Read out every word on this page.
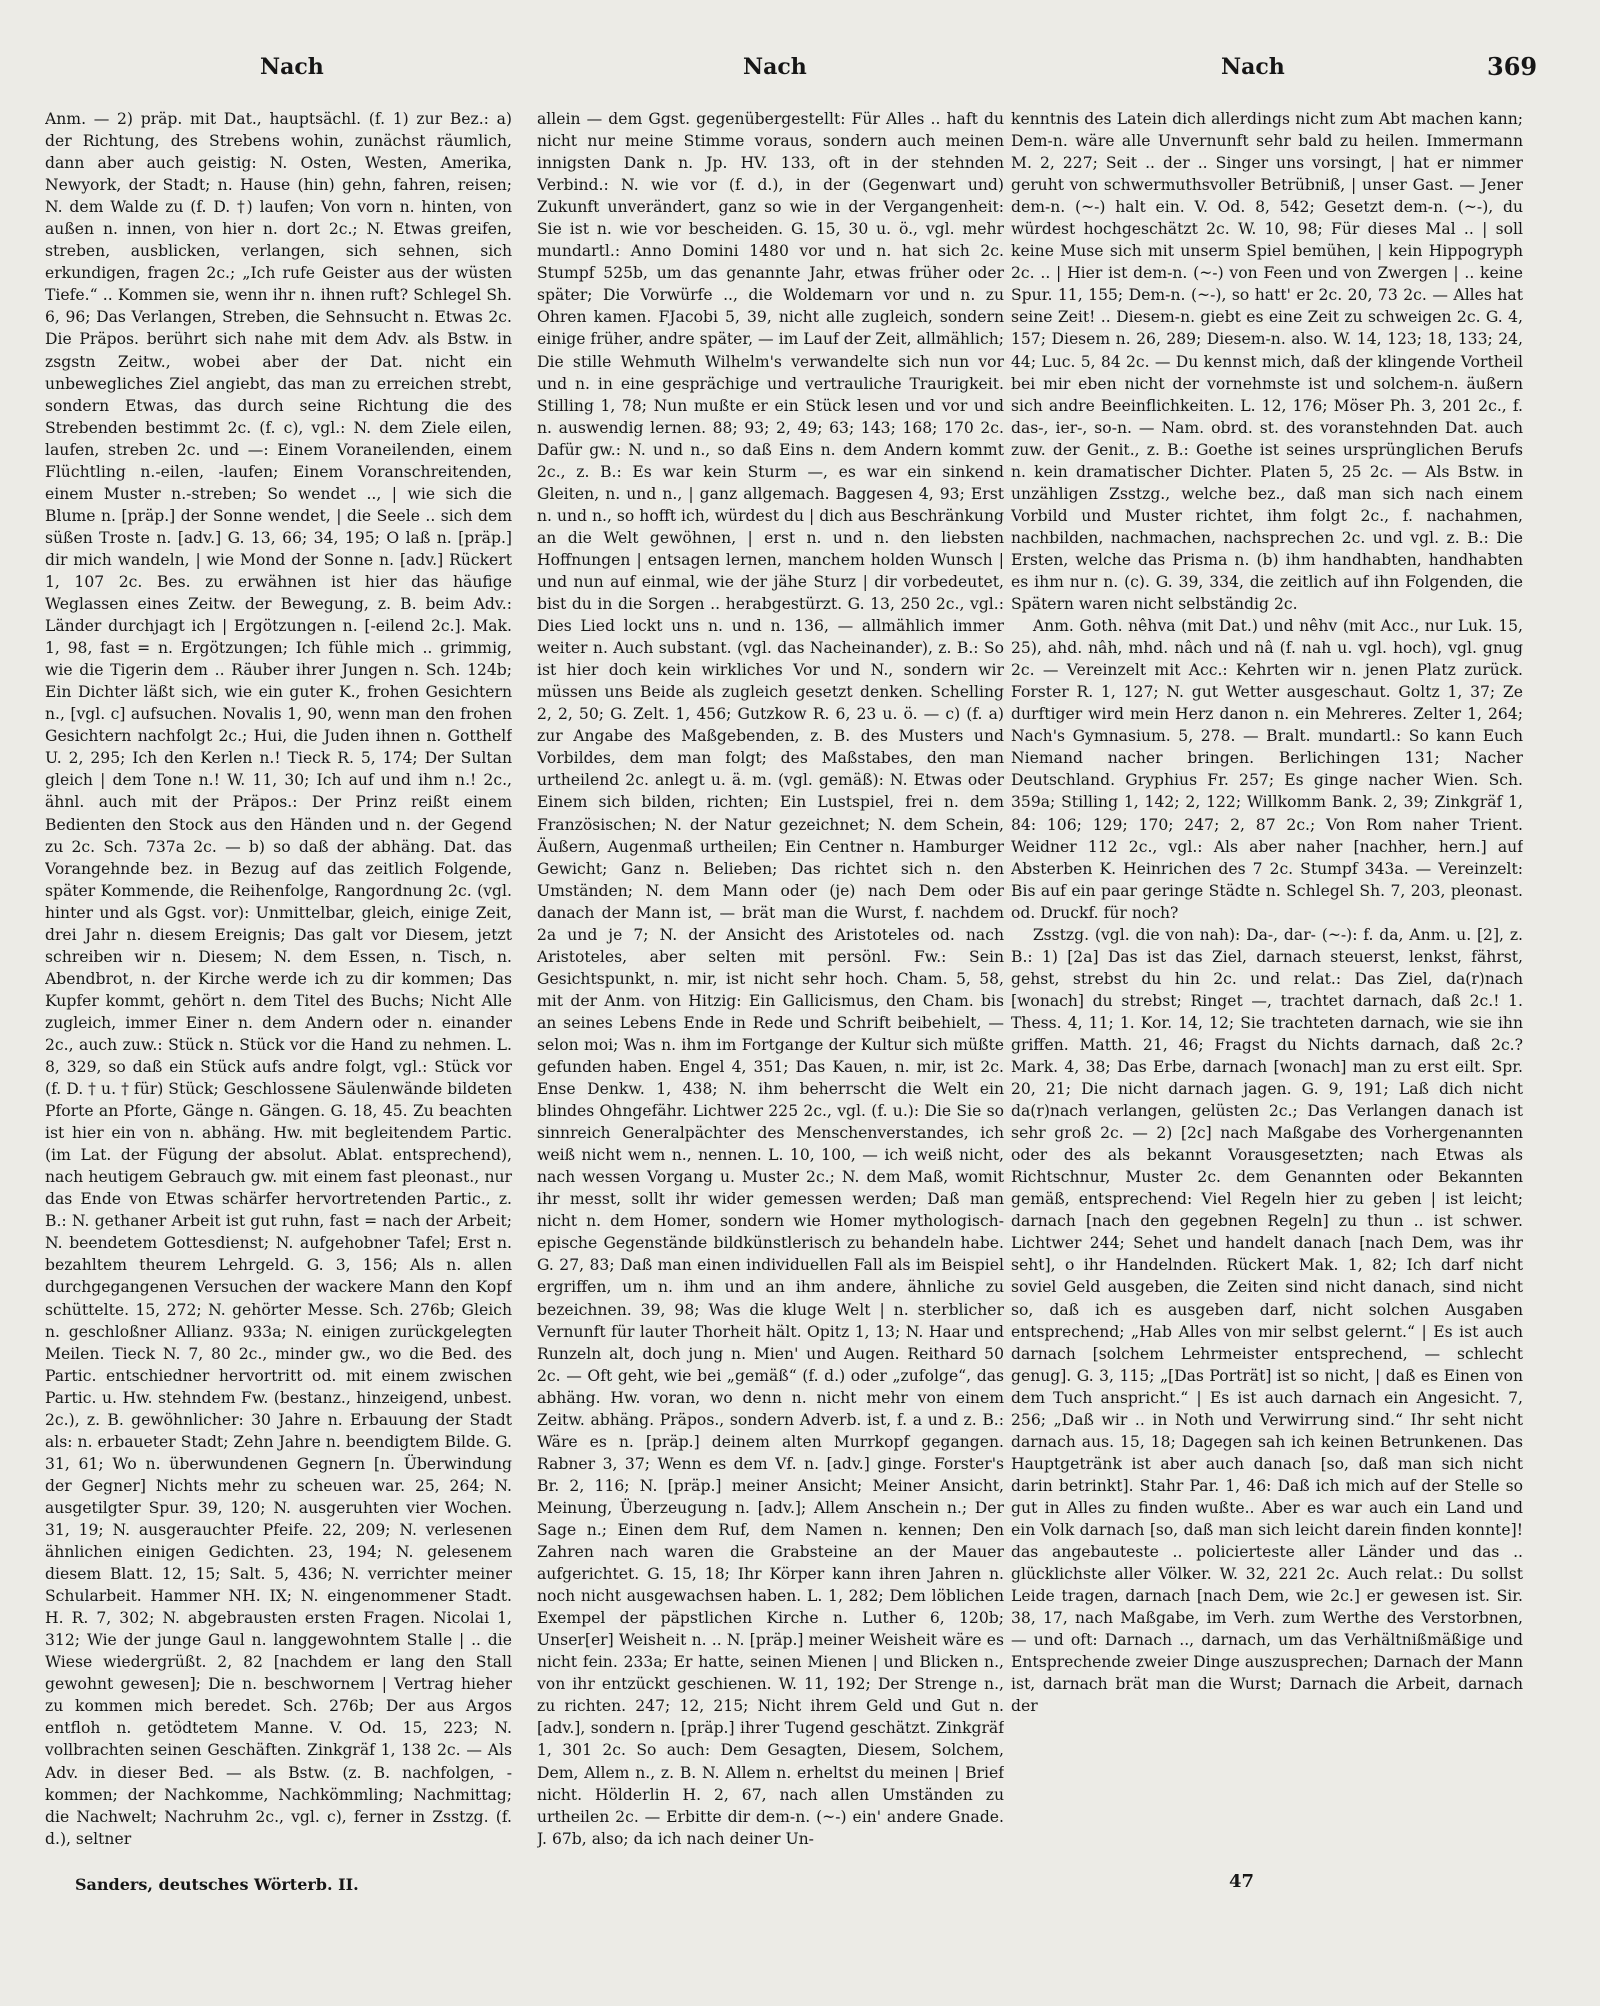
Nach	Nach	Nach	369

Anm. — 2) präp. mit Dat., hauptsächl. (f. 1) zur Bez.: a) der Richtung, des Strebens wohin, zunächst räumlich, dann aber auch geistig: N. Osten, Westen, Amerika, Newyork, der Stadt; n. Hause (hin) gehn, fahren, reisen; N. dem Walde zu (f. D. †) laufen; Von vorn n. hinten, von außen n. innen, von hier n. dort 2c.; N. Etwas greifen, streben, ausblicken, verlangen, sich sehnen, sich erkundigen, fragen 2c.; „Ich rufe Geister aus der wüsten Tiefe.“ .. Kommen sie, wenn ihr n. ihnen ruft? Schlegel Sh. 6, 96; Das Verlangen, Streben, die Sehnsucht n. Etwas 2c. Die Präpos. berührt sich nahe mit dem Adv. als Bstw. in zsgstn Zeitw., wobei aber der Dat. nicht ein unbewegliches Ziel angiebt, das man zu erreichen strebt, sondern Etwas, das durch seine Richtung die des Strebenden bestimmt 2c. (f. c), vgl.: N. dem Ziele eilen, laufen, streben 2c. und —: Einem Voraneilenden, einem Flüchtling n.-eilen, -laufen; Einem Voranschreitenden, einem Muster n.-streben; So wendet .., | wie sich die Blume n. [präp.] der Sonne wendet, | die Seele .. sich dem süßen Troste n. [adv.] G. 13, 66; 34, 195; O laß n. [präp.] dir mich wandeln, | wie Mond der Sonne n. [adv.] Rückert 1, 107 2c. Bes. zu erwähnen ist hier das häufige Weglassen eines Zeitw. der Bewegung, z. B. beim Adv.: Länder durchjagt ich | Ergötzungen n. [-eilend 2c.]. Mak. 1, 98, fast = n. Ergötzungen; Ich fühle mich .. grimmig, wie die Tigerin dem .. Räuber ihrer Jungen n. Sch. 124b; Ein Dichter läßt sich, wie ein guter K., frohen Gesichtern n., [vgl. c] aufsuchen. Novalis 1, 90, wenn man den frohen Gesichtern nachfolgt 2c.; Hui, die Juden ihnen n. Gotthelf U. 2, 295; Ich den Kerlen n.! Tieck R. 5, 174; Der Sultan gleich | dem Tone n.! W. 11, 30; Ich auf und ihm n.! 2c., ähnl. auch mit der Präpos.: Der Prinz reißt einem Bedienten den Stock aus den Händen und n. der Gegend zu 2c. Sch. 737a 2c. — b) so daß der abhäng. Dat. das Vorangehnde bez. in Bezug auf das zeitlich Folgende, später Kommende, die Reihenfolge, Rangordnung 2c. (vgl. hinter und als Ggst. vor): Unmittelbar, gleich, einige Zeit, drei Jahr n. diesem Ereignis; Das galt vor Diesem, jetzt schreiben wir n. Diesem; N. dem Essen, n. Tisch, n. Abendbrot, n. der Kirche werde ich zu dir kommen; Das Kupfer kommt, gehört n. dem Titel des Buchs; Nicht Alle zugleich, immer Einer n. dem Andern oder n. einander 2c., auch zuw.: Stück n. Stück vor die Hand zu nehmen. L. 8, 329, so daß ein Stück aufs andre folgt, vgl.: Stück vor (f. D. † u. † für) Stück; Geschlossene Säulenwände bildeten Pforte an Pforte, Gänge n. Gängen. G. 18, 45. Zu beachten ist hier ein von n. abhäng. Hw. mit begleitendem Partic. (im Lat. der Fügung der absolut. Ablat. entsprechend), nach heutigem Gebrauch gw. mit einem fast pleonast., nur das Ende von Etwas schärfer hervortretenden Partic., z. B.: N. gethaner Arbeit ist gut ruhn, fast = nach der Arbeit; N. beendetem Gottesdienst; N. aufgehobner Tafel; Erst n. bezahltem theurem Lehrgeld. G. 3, 156; Als n. allen durchgegangenen Versuchen der wackere Mann den Kopf schüttelte. 15, 272; N. gehörter Messe. Sch. 276b; Gleich n. geschloßner Allianz. 933a; N. einigen zurückgelegten Meilen. Tieck N. 7, 80 2c., minder gw., wo die Bed. des Partic. entschiedner hervortritt od. mit einem zwischen Partic. u. Hw. stehndem Fw. (bestanz., hinzeigend, unbest. 2c.), z. B. gewöhnlicher: 30 Jahre n. Erbauung der Stadt als: n. erbaueter Stadt; Zehn Jahre n. beendigtem Bilde. G. 31, 61; Wo n. überwundenen Gegnern [n. Überwindung der Gegner] Nichts mehr zu scheuen war. 25, 264; N. ausgetilgter Spur. 39, 120; N. ausgeruhten vier Wochen. 31, 19; N. ausgerauchter Pfeife. 22, 209; N. verlesenen ähnlichen einigen Gedichten. 23, 194; N. gelesenem diesem Blatt. 12, 15; Salt. 5, 436; N. verrichter meiner Schularbeit. Hammer NH. IX; N. eingenommener Stadt. H. R. 7, 302; N. abgebrausten ersten Fragen. Nicolai 1, 312; Wie der junge Gaul n. langgewohntem Stalle | .. die Wiese wiedergrüßt. 2, 82 [nachdem er lang den Stall gewohnt gewesen]; Die n. beschwornem | Vertrag hieher zu kommen mich beredet. Sch. 276b; Der aus Argos entfloh n. getödtetem Manne. V. Od. 15, 223; N. vollbrachten seinen Geschäften. Zinkgräf 1, 138 2c. — Als Adv. in dieser Bed. — als Bstw. (z. B. nachfolgen, -kommen; der Nachkomme, Nachkömmling; Nachmittag; die Nachwelt; Nachruhm 2c., vgl. c), ferner in Zsstzg. (f. d.), seltner

allein — dem Ggst. gegenübergestellt: Für Alles .. haft du nicht nur meine Stimme voraus, sondern auch meinen innigsten Dank n. Jp. HV. 133, oft in der stehnden Verbind.: N. wie vor (f. d.), in der (Gegenwart und) Zukunft unverändert, ganz so wie in der Vergangenheit: Sie ist n. wie vor bescheiden. G. 15, 30 u. ö., vgl. mehr mundartl.: Anno Domini 1480 vor und n. hat sich 2c. Stumpf 525b, um das genannte Jahr, etwas früher oder später; Die Vorwürfe .., die Woldemarn vor und n. zu Ohren kamen. FJacobi 5, 39, nicht alle zugleich, sondern einige früher, andre später, — im Lauf der Zeit, allmählich; Die stille Wehmuth Wilhelm's verwandelte sich nun vor und n. in eine gesprächige und vertrauliche Traurigkeit. Stilling 1, 78; Nun mußte er ein Stück lesen und vor und n. auswendig lernen. 88; 93; 2, 49; 63; 143; 168; 170 2c. Dafür gw.: N. und n., so daß Eins n. dem Andern kommt 2c., z. B.: Es war kein Sturm —, es war ein sinkend Gleiten, n. und n., | ganz allgemach. Baggesen 4, 93; Erst n. und n., so hofft ich, würdest du | dich aus Beschränkung an die Welt gewöhnen, | erst n. und n. den liebsten Hoffnungen | entsagen lernen, manchem holden Wunsch | und nun auf einmal, wie der jähe Sturz | dir vorbedeutet, bist du in die Sorgen .. herabgestürzt. G. 13, 250 2c., vgl.: Dies Lied lockt uns n. und n. 136, — allmählich immer weiter n. Auch substant. (vgl. das Nacheinander), z. B.: So ist hier doch kein wirkliches Vor und N., sondern wir müssen uns Beide als zugleich gesetzt denken. Schelling 2, 2, 50; G. Zelt. 1, 456; Gutzkow R. 6, 23 u. ö. — c) (f. a) zur Angabe des Maßgebenden, z. B. des Musters und Vorbildes, dem man folgt; des Maßstabes, den man urtheilend 2c. anlegt u. ä. m. (vgl. gemäß): N. Etwas oder Einem sich bilden, richten; Ein Lustspiel, frei n. dem Französischen; N. der Natur gezeichnet; N. dem Schein, Äußern, Augenmaß urtheilen; Ein Centner n. Hamburger Gewicht; Ganz n. Belieben; Das richtet sich n. den Umständen; N. dem Mann oder (je) nach Dem oder danach der Mann ist, — brät man die Wurst, f. nachdem 2a und je 7; N. der Ansicht des Aristoteles od. nach Aristoteles, aber selten mit persönl. Fw.: Sein Gesichtspunkt, n. mir, ist nicht sehr hoch. Cham. 5, 58, mit der Anm. von Hitzig: Ein Gallicismus, den Cham. bis an seines Lebens Ende in Rede und Schrift beibehielt, — selon moi; Was n. ihm im Fortgange der Kultur sich müßte gefunden haben. Engel 4, 351; Das Kauen, n. mir, ist 2c. Ense Denkw. 1, 438; N. ihm beherrscht die Welt ein blindes Ohngefähr. Lichtwer 225 2c., vgl. (f. u.): Die Sie so sinnreich Generalpächter des Menschenverstandes, ich weiß nicht wem n., nennen. L. 10, 100, — ich weiß nicht, nach wessen Vorgang u. Muster 2c.; N. dem Maß, womit ihr messt, sollt ihr wider gemessen werden; Daß man nicht n. dem Homer, sondern wie Homer mythologisch-epische Gegenstände bildkünstlerisch zu behandeln habe. G. 27, 83; Daß man einen individuellen Fall als im Beispiel ergriffen, um n. ihm und an ihm andere, ähnliche zu bezeichnen. 39, 98; Was die kluge Welt | n. sterblicher Vernunft für lauter Thorheit hält. Opitz 1, 13; N. Haar und Runzeln alt, doch jung n. Mien' und Augen. Reithard 50 2c. — Oft geht, wie bei „gemäß“ (f. d.) oder „zufolge“, das abhäng. Hw. voran, wo denn n. nicht mehr von einem Zeitw. abhäng. Präpos., sondern Adverb. ist, f. a und z. B.: Wäre es n. [präp.] deinem alten Murrkopf gegangen. Rabner 3, 37; Wenn es dem Vf. n. [adv.] ginge. Forster's Br. 2, 116; N. [präp.] meiner Ansicht; Meiner Ansicht, Meinung, Überzeugung n. [adv.]; Allem Anschein n.; Der Sage n.; Einen dem Ruf, dem Namen n. kennen; Den Zahren nach waren die Grabsteine an der Mauer aufgerichtet. G. 15, 18; Ihr Körper kann ihren Jahren n. noch nicht ausgewachsen haben. L. 1, 282; Dem löblichen Exempel der päpstlichen Kirche n. Luther 6, 120b; Unser[er] Weisheit n. .. N. [präp.] meiner Weisheit wäre es nicht fein. 233a; Er hatte, seinen Mienen | und Blicken n., von ihr entzückt geschienen. W. 11, 192; Der Strenge n., zu richten. 247; 12, 215; Nicht ihrem Geld und Gut n. [adv.], sondern n. [präp.] ihrer Tugend geschätzt. Zinkgräf 1, 301 2c. So auch: Dem Gesagten, Diesem, Solchem, Dem, Allem n., z. B. N. Allem n. erheltst du meinen | Brief nicht. Hölderlin H. 2, 67, nach allen Umständen zu urtheilen 2c. — Erbitte dir dem-n. (~-) ein' andere Gnade. J. 67b, also; da ich nach deiner Un-

kenntnis des Latein dich allerdings nicht zum Abt machen kann; Dem-n. wäre alle Unvernunft sehr bald zu heilen. Immermann M. 2, 227; Seit .. der .. Singer uns vorsingt, | hat er nimmer geruht von schwermuthsvoller Betrübniß, | unser Gast. — Jener dem-n. (~-) halt ein. V. Od. 8, 542; Gesetzt dem-n. (~-), du würdest hochgeschätzt 2c. W. 10, 98; Für dieses Mal .. | soll keine Muse sich mit unserm Spiel bemühen, | kein Hippogryph 2c. .. | Hier ist dem-n. (~-) von Feen und von Zwergen | .. keine Spur. 11, 155; Dem-n. (~-), so hatt' er 2c. 20, 73 2c. — Alles hat seine Zeit! .. Diesem-n. giebt es eine Zeit zu schweigen 2c. G. 4, 157; Diesem n. 26, 289; Diesem-n. also. W. 14, 123; 18, 133; 24, 44; Luc. 5, 84 2c. — Du kennst mich, daß der klingende Vortheil bei mir eben nicht der vornehmste ist und solchem-n. äußern sich andre Beeinflichkeiten. L. 12, 176; Möser Ph. 3, 201 2c., f. das-, ier-, so-n. — Nam. obrd. st. des voranstehnden Dat. auch zuw. der Genit., z. B.: Goethe ist seines ursprünglichen Berufs n. kein dramatischer Dichter. Platen 5, 25 2c. — Als Bstw. in unzähligen Zsstzg., welche bez., daß man sich nach einem Vorbild und Muster richtet, ihm folgt 2c., f. nachahmen, nachbilden, nachmachen, nachsprechen 2c. und vgl. z. B.: Die Ersten, welche das Prisma n. (b) ihm handhabten, handhabten es ihm nur n. (c). G. 39, 334, die zeitlich auf ihn Folgenden, die Spätern waren nicht selbständig 2c.

Anm. Goth. nêhva (mit Dat.) und nêhv (mit Acc., nur Luk. 15, 25), ahd. nâh, mhd. nâch und nâ (f. nah u. vgl. hoch), vgl. gnug 2c. — Vereinzelt mit Acc.: Kehrten wir n. jenen Platz zurück. Forster R. 1, 127; N. gut Wetter ausgeschaut. Goltz 1, 37; Ze durftiger wird mein Herz danon n. ein Mehreres. Zelter 1, 264; Nach's Gymnasium. 5, 278. — Bralt. mundartl.: So kann Euch Niemand nacher bringen. Berlichingen 131; Nacher Deutschland. Gryphius Fr. 257; Es ginge nacher Wien. Sch. 359a; Stilling 1, 142; 2, 122; Willkomm Bank. 2, 39; Zinkgräf 1, 84: 106; 129; 170; 247; 2, 87 2c.; Von Rom naher Trient. Weidner 112 2c., vgl.: Als aber naher [nachher, hern.] auf Absterben K. Heinrichen des 7 2c. Stumpf 343a. — Vereinzelt: Bis auf ein paar geringe Städte n. Schlegel Sh. 7, 203, pleonast. od. Druckf. für noch?

Zsstzg. (vgl. die von nah): Da-, dar- (~-): f. da, Anm. u. [2], z. B.: 1) [2a] Das ist das Ziel, darnach steuerst, lenkst, fährst, gehst, strebst du hin 2c. und relat.: Das Ziel, da(r)nach [wonach] du strebst; Ringet —, trachtet darnach, daß 2c.! 1. Thess. 4, 11; 1. Kor. 14, 12; Sie trachteten darnach, wie sie ihn griffen. Matth. 21, 46; Fragst du Nichts darnach, daß 2c.? Mark. 4, 38; Das Erbe, darnach [wonach] man zu erst eilt. Spr. 20, 21; Die nicht darnach jagen. G. 9, 191; Laß dich nicht da(r)nach verlangen, gelüsten 2c.; Das Verlangen danach ist sehr groß 2c. — 2) [2c] nach Maßgabe des Vorhergenannten oder des als bekannt Vorausgesetzten; nach Etwas als Richtschnur, Muster 2c. dem Genannten oder Bekannten gemäß, entsprechend: Viel Regeln hier zu geben | ist leicht; darnach [nach den gegebnen Regeln] zu thun .. ist schwer. Lichtwer 244; Sehet und handelt danach [nach Dem, was ihr seht], o ihr Handelnden. Rückert Mak. 1, 82; Ich darf nicht soviel Geld ausgeben, die Zeiten sind nicht danach, sind nicht so, daß ich es ausgeben darf, nicht solchen Ausgaben entsprechend; „Hab Alles von mir selbst gelernt.“ | Es ist auch darnach [solchem Lehrmeister entsprechend, — schlecht genug]. G. 3, 115; „[Das Porträt] ist so nicht, | daß es Einen von dem Tuch anspricht.“ | Es ist auch darnach ein Angesicht. 7, 256; „Daß wir .. in Noth und Verwirrung sind.“ Ihr seht nicht darnach aus. 15, 18; Dagegen sah ich keinen Betrunkenen. Das Hauptgetränk ist aber auch danach [so, daß man sich nicht darin betrinkt]. Stahr Par. 1, 46: Daß ich mich auf der Stelle so gut in Alles zu finden wußte.. Aber es war auch ein Land und ein Volk darnach [so, daß man sich leicht darein finden konnte]! das angebauteste .. policierteste aller Länder und das .. glücklichste aller Völker. W. 32, 221 2c. Auch relat.: Du sollst Leide tragen, darnach [nach Dem, wie 2c.] er gewesen ist. Sir. 38, 17, nach Maßgabe, im Verh. zum Werthe des Verstorbnen, — und oft: Darnach .., darnach, um das Verhältnißmäßige und Entsprechende zweier Dinge auszusprechen; Darnach der Mann ist, darnach brät man die Wurst; Darnach die Arbeit, darnach der

Sanders, deutsches Wörterb. II.	47
